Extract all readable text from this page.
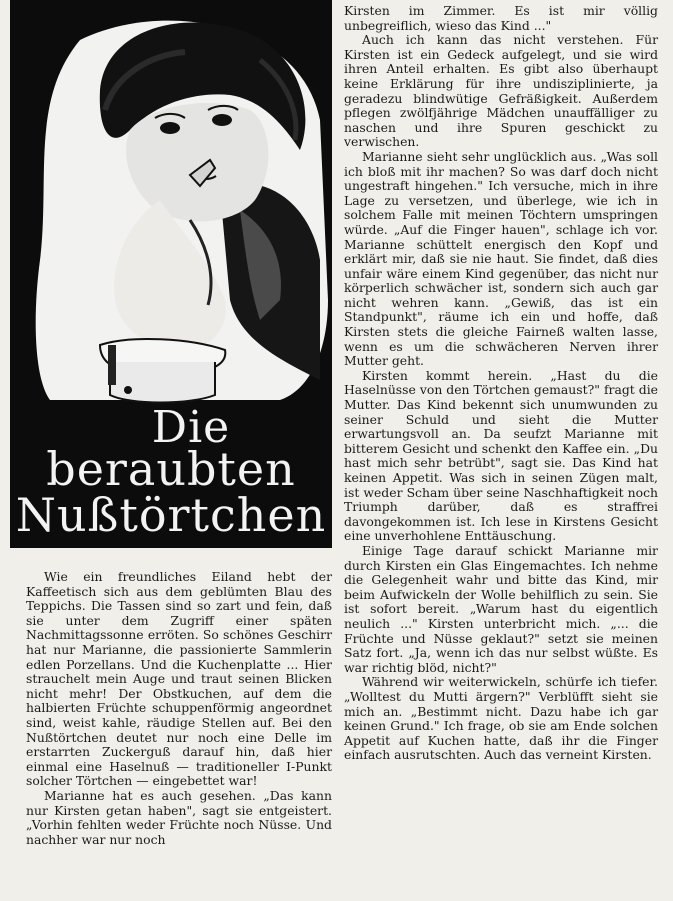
Die
beraubten
Nußtörtchen

Wie ein freundliches Eiland hebt der Kaffeetisch sich aus dem geblümten Blau des Teppichs. Die Tassen sind so zart und fein, daß sie unter dem Zugriff einer späten Nachmittagssonne erröten. So schönes Geschirr hat nur Marianne, die passionierte Sammlerin edlen Porzellans. Und die Kuchenplatte ... Hier strauchelt mein Auge und traut seinen Blicken nicht mehr! Der Obstkuchen, auf dem die halbierten Früchte schuppenförmig angeordnet sind, weist kahle, räudige Stellen auf. Bei den Nußtörtchen deutet nur noch eine Delle im erstarrten Zuckerguß darauf hin, daß hier einmal eine Haselnuß — traditioneller I-Punkt solcher Törtchen — eingebettet war!

Marianne hat es auch gesehen. „Das kann nur Kirsten getan haben", sagt sie entgeistert. „Vorhin fehlten weder Früchte noch Nüsse. Und nachher war nur noch

Kirsten im Zimmer. Es ist mir völlig unbegreiflich, wieso das Kind ..."

Auch ich kann das nicht verstehen. Für Kirsten ist ein Gedeck aufgelegt, und sie wird ihren Anteil erhalten. Es gibt also überhaupt keine Erklärung für ihre undisziplinierte, ja geradezu blindwütige Gefräßigkeit. Außerdem pflegen zwölfjährige Mädchen unauffälliger zu naschen und ihre Spuren geschickt zu verwischen.

Marianne sieht sehr unglücklich aus. „Was soll ich bloß mit ihr machen? So was darf doch nicht ungestraft hingehen." Ich versuche, mich in ihre Lage zu versetzen, und überlege, wie ich in solchem Falle mit meinen Töchtern umspringen würde. „Auf die Finger hauen", schlage ich vor. Marianne schüttelt energisch den Kopf und erklärt mir, daß sie nie haut. Sie findet, daß dies unfair wäre einem Kind gegenüber, das nicht nur körperlich schwächer ist, sondern sich auch gar nicht wehren kann. „Gewiß, das ist ein Standpunkt", räume ich ein und hoffe, daß Kirsten stets die gleiche Fairneß walten lasse, wenn es um die schwächeren Nerven ihrer Mutter geht.

Kirsten kommt herein. „Hast du die Haselnüsse von den Törtchen gemaust?" fragt die Mutter. Das Kind bekennt sich unumwunden zu seiner Schuld und sieht die Mutter erwartungsvoll an. Da seufzt Marianne mit bitterem Gesicht und schenkt den Kaffee ein. „Du hast mich sehr betrübt", sagt sie. Das Kind hat keinen Appetit. Was sich in seinen Zügen malt, ist weder Scham über seine Naschhaftigkeit noch Triumph darüber, daß es straffrei davongekommen ist. Ich lese in Kirstens Gesicht eine unverhohlene Enttäuschung.

Einige Tage darauf schickt Marianne mir durch Kirsten ein Glas Eingemachtes. Ich nehme die Gelegenheit wahr und bitte das Kind, mir beim Aufwickeln der Wolle behilflich zu sein. Sie ist sofort bereit. „Warum hast du eigentlich neulich ..." Kirsten unterbricht mich. „... die Früchte und Nüsse geklaut?" setzt sie meinen Satz fort. „Ja, wenn ich das nur selbst wüßte. Es war richtig blöd, nicht?"

Während wir weiterwickeln, schürfe ich tiefer. „Wolltest du Mutti ärgern?" Verblüfft sieht sie mich an. „Bestimmt nicht. Dazu habe ich gar keinen Grund." Ich frage, ob sie am Ende solchen Appetit auf Kuchen hatte, daß ihr die Finger einfach ausrutschten. Auch das verneint Kirsten.
